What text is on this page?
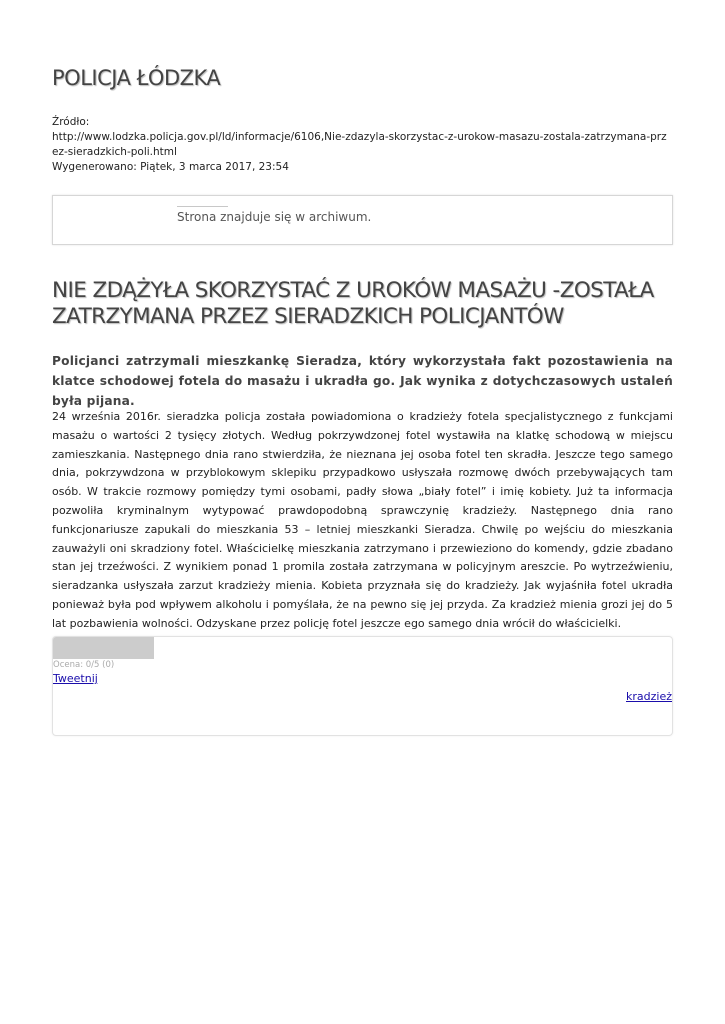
POLICJA ŁÓDZKA
Źródło:
http://www.lodzka.policja.gov.pl/ld/informacje/6106,Nie-zdazyla-skorzystac-z-urokow-masazu-zostala-zatrzymana-przez-sieradzkich-poli.html
Wygenerowano: Piątek, 3 marca 2017, 23:54
Strona znajduje się w archiwum.
NIE ZDĄŻYŁA SKORZYSTAĆ Z UROKÓW MASAŻU -ZOSTAŁA ZATRZYMANA PRZEZ SIERADZKICH POLICJANTÓW

Policjanci zatrzymali mieszkankę Sieradza, który wykorzystała fakt pozostawienia na klatce schodowej fotela do masażu i ukradła go. Jak wynika z dotychczasowych ustaleń była pijana.

24 września 2016r. sieradzka policja została powiadomiona o kradzieży fotela specjalistycznego z funkcjami masażu o wartości 2 tysięcy złotych. Według pokrzywdzonej fotel wystawiła na klatkę schodową w miejscu zamieszkania. Następnego dnia rano stwierdziła, że nieznana jej osoba fotel ten skradła. Jeszcze tego samego dnia, pokrzywdzona w przyblokowym sklepiku przypadkowo usłyszała rozmowę dwóch przebywających tam osób. W trakcie rozmowy pomiędzy tymi osobami, padły słowa „biały fotel” i imię kobiety. Już ta informacja pozwoliła kryminalnym wytypować prawdopodobną sprawczynię kradzieży. Następnego dnia rano funkcjonariusze zapukali do mieszkania 53 – letniej mieszkanki Sieradza. Chwilę po wejściu do mieszkania zauważyli oni skradziony fotel. Właścicielkę mieszkania zatrzymano i przewieziono do komendy, gdzie zbadano stan jej trzeźwości. Z wynikiem ponad 1 promila została zatrzymana w policyjnym areszcie. Po wytrzeźwieniu, sieradzanka usłyszała zarzut kradzieży mienia. Kobieta przyznała się do kradzieży. Jak wyjaśniła fotel ukradła ponieważ była pod wpływem alkoholu i pomyślała, że na pewno się jej przyda. Za kradzież mienia grozi jej do 5 lat pozbawienia wolności. Odzyskane przez policję fotel jeszcze ego samego dnia wrócił do właścicielki.

Ocena: 0/5 (0)
Tweetnij
kradzież
